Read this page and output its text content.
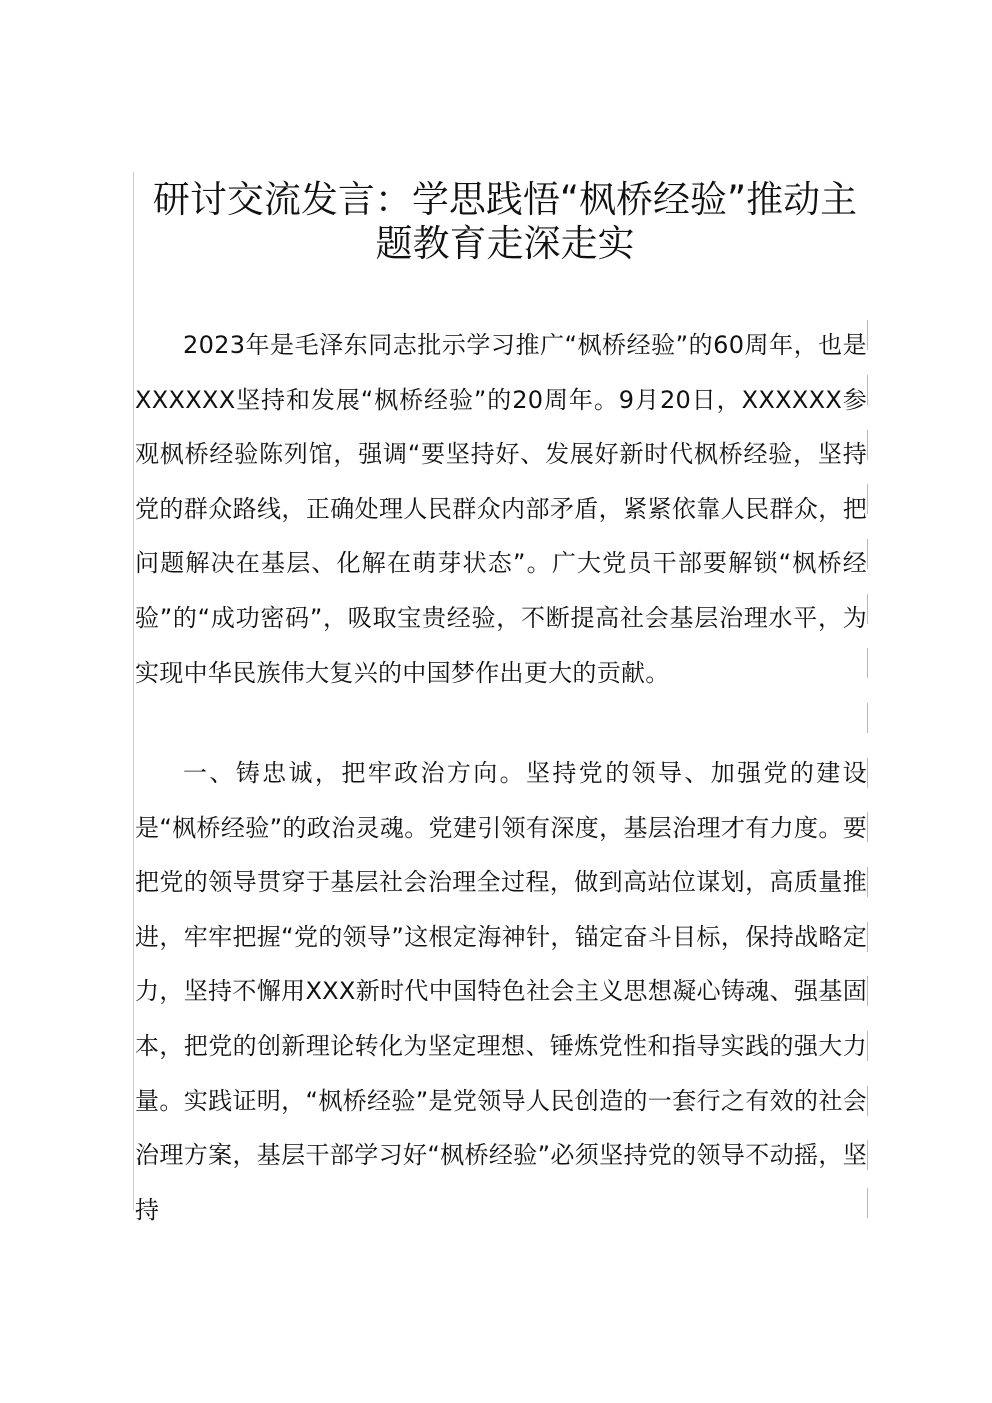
研讨交流发言：学思践悟“枫桥经验”推动主题教育走深走实

2023年是毛泽东同志批示学习推广“枫桥经验”的60周年，也是XXXXXX坚持和发展“枫桥经验”的20周年。9月20日，XXXXXX参观枫桥经验陈列馆，强调“要坚持好、发展好新时代枫桥经验，坚持党的群众路线，正确处理人民群众内部矛盾，紧紧依靠人民群众，把问题解决在基层、化解在萌芽状态”。广大党员干部要解锁“枫桥经验”的“成功密码”，吸取宝贵经验，不断提高社会基层治理水平，为实现中华民族伟大复兴的中国梦作出更大的贡献。

一、铸忠诚，把牢政治方向。坚持党的领导、加强党的建设是“枫桥经验”的政治灵魂。党建引领有深度，基层治理才有力度。要把党的领导贯穿于基层社会治理全过程，做到高站位谋划，高质量推进，牢牢把握“党的领导”这根定海神针，锚定奋斗目标，保持战略定力，坚持不懈用XXX新时代中国特色社会主义思想凝心铸魂、强基固本，把党的创新理论转化为坚定理想、锤炼党性和指导实践的强大力量。实践证明，“枫桥经验”是党领导人民创造的一套行之有效的社会治理方案，基层干部学习好“枫桥经验”必须坚持党的领导不动摇，坚持
